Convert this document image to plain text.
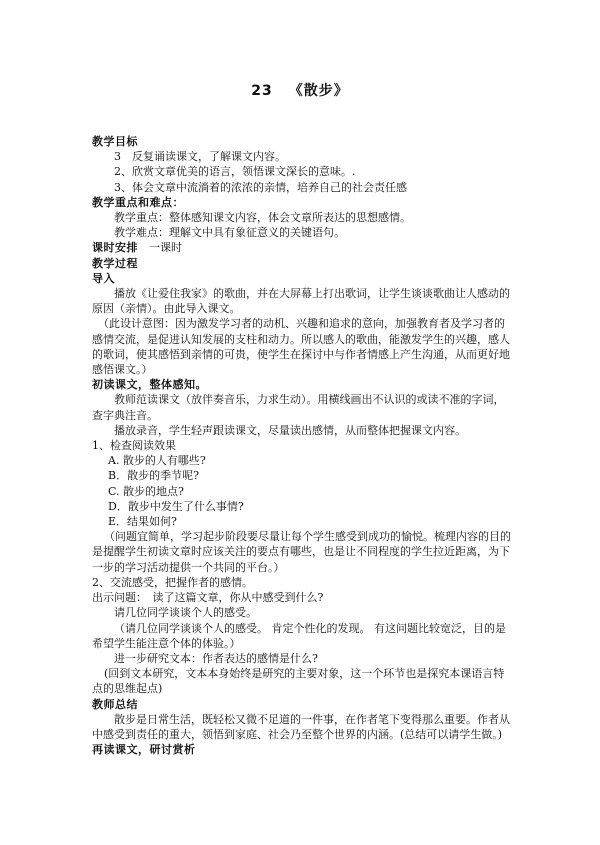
23 《散步》

教学目标

3　反复诵读课文，了解课文内容。

2、欣赏文章优美的语言，领悟课文深长的意味。.

3、体会文章中流淌着的浓浓的亲情，培养自己的社会责任感

教学重点和难点：

教学重点：整体感知课文内容，体会文章所表达的思想感情。

教学难点：理解文中具有象征意义的关键语句。

课时安排　 一课时

教学过程

导入

播放《让爱住我家》的歌曲，并在大屏幕上打出歌词，让学生谈谈歌曲让人感动的原因（亲情）。由此导入课文。

（此设计意图：因为激发学习者的动机、兴趣和追求的意向，加强教育者及学习者的感情交流，是促进认知发展的支柱和动力。所以感人的歌曲，能激发学生的兴趣，感人的歌词，使其感悟到亲情的可贵，使学生在探讨中与作者情感上产生沟通，从而更好地感悟课文。）

初读课文，整体感知。

教师范读课文（放伴奏音乐，力求生动）。用横线画出不认识的或读不准的字词，查字典注音。

播放录音，学生轻声跟读课文，尽量读出感情，从而整体把握课文内容。

1、检查阅读效果

A. 散步的人有哪些?

B．散步的季节呢?

C. 散步的地点?

D．散步中发生了什么事情?

E．结果如何?

（问题宜简单，学习起步阶段要尽量让每个学生感受到成功的愉悦。梳理内容的目的是提醒学生初读文章时应该关注的要点有哪些，也是让不同程度的学生拉近距离，为下一步的学习活动提供一个共同的平台。）

2、交流感受，把握作者的感情。

出示问题：　 读了这篇文章，你从中感受到什么?

请几位同学谈谈个人的感受。

（请几位同学谈谈个人的感受。 肯定个性化的发现。 有这问题比较宽泛，目的是希望学生能注意个体的体验。）

进一步研究文本：作者表达的感情是什么?

(回到文本研究，文本本身始终是研究的主要对象，这一个环节也是探究本课语言特点的思维起点)

教师总结

散步是日常生活，既轻松又微不足道的一件事，在作者笔下变得那么重要。作者从中感受到责任的重大，领悟到家庭、社会乃至整个世界的内涵。(总结可以请学生做。)

再读课文，研讨赏析
